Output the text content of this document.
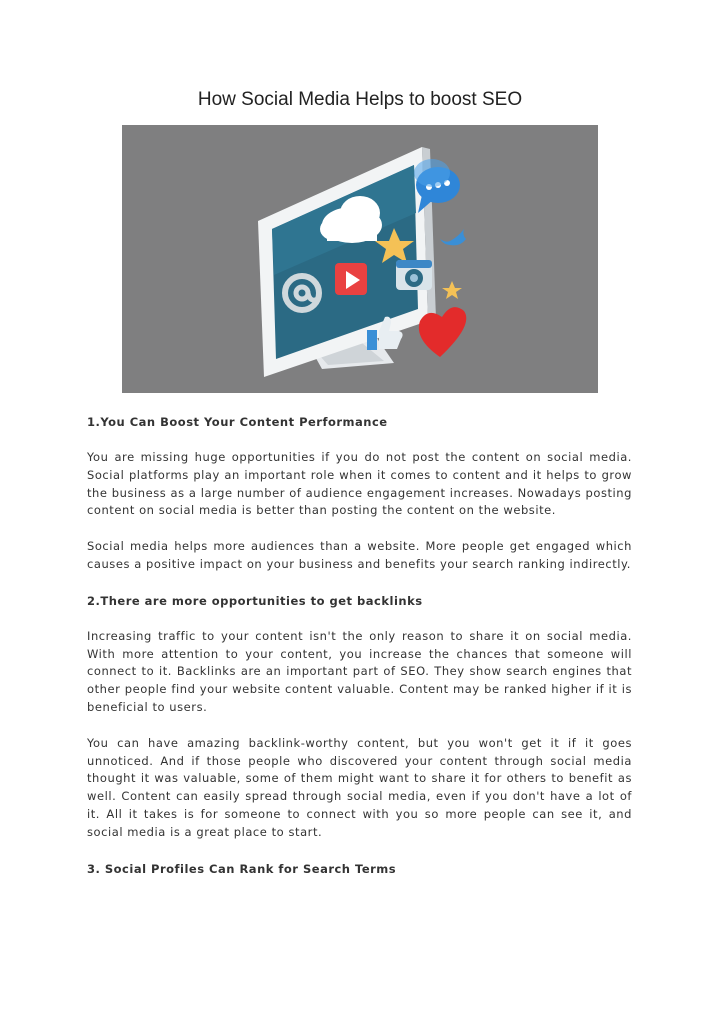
How Social Media Helps to boost SEO
1.You Can Boost Your Content Performance

You are missing huge opportunities if you do not post the content on social media. Social platforms play an important role when it comes to content and it helps to grow the business as a large number of audience engagement increases. Nowadays posting content on social media is better than posting the content on the website.

Social media helps more audiences than a website. More people get engaged which causes a positive impact on your business and benefits your search ranking indirectly.

2.There are more opportunities to get backlinks

Increasing traffic to your content isn't the only reason to share it on social media. With more attention to your content, you increase the chances that someone will connect to it. Backlinks are an important part of SEO. They show search engines that other people find your website content valuable. Content may be ranked higher if it is beneficial to users.

You can have amazing backlink-worthy content, but you won't get it if it goes unnoticed. And if those people who discovered your content through social media thought it was valuable, some of them might want to share it for others to benefit as well. Content can easily spread through social media, even if you don't have a lot of it. All it takes is for someone to connect with you so more people can see it, and social media is a great place to start.

3. Social Profiles Can Rank for Search Terms
